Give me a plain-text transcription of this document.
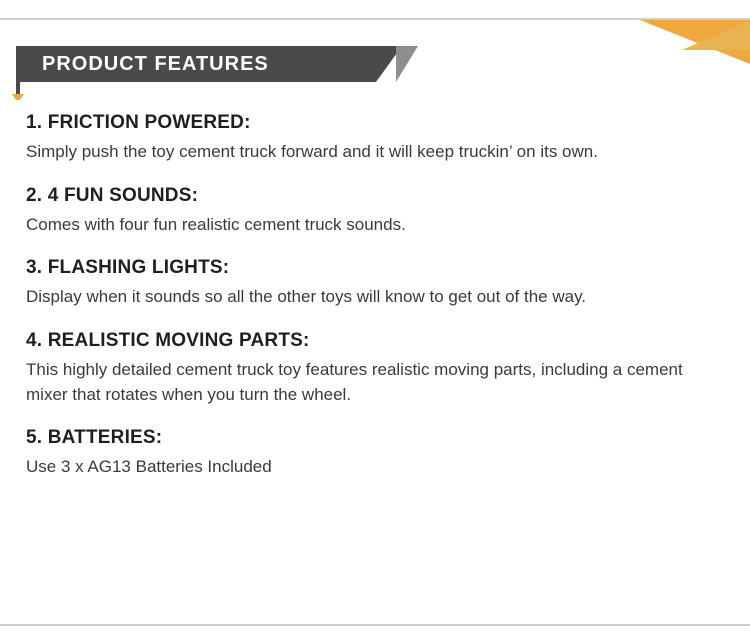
PRODUCT FEATURES

1. FRICTION POWERED:

Simply push the toy cement truck forward and it will keep truckin’ on its own.

2. 4 FUN SOUNDS:

Comes with four fun realistic cement truck sounds.

3. FLASHING LIGHTS:

Display when it sounds so all the other toys will know to get out of the way.

4. REALISTIC MOVING PARTS:

This highly detailed cement truck toy features realistic moving parts, including a cement mixer that rotates when you turn the wheel.

5. BATTERIES:

Use 3 x AG13 Batteries Included
